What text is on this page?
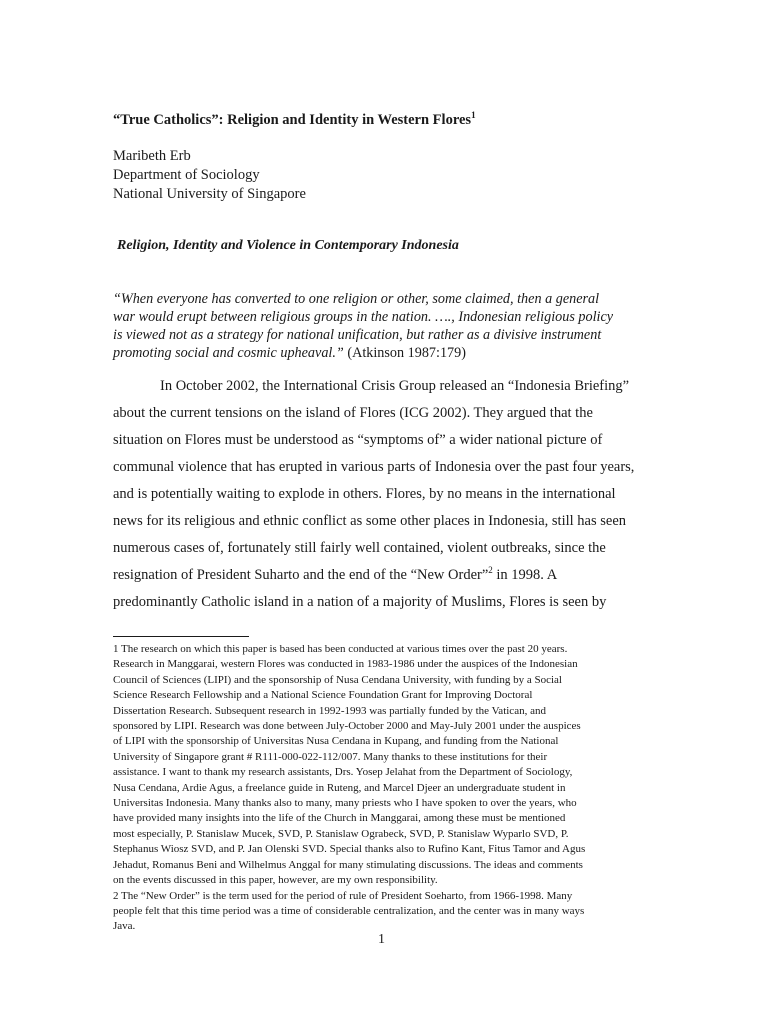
“True Catholics”: Religion and Identity in Western Flores$^1$
Maribeth Erb
Department of Sociology
National University of Singapore
Religion, Identity and Violence in Contemporary Indonesia
“When everyone has converted to one religion or other, some claimed, then a general
war would erupt between religious groups in the nation. …., Indonesian religious policy
is viewed not as a strategy for national unification, but rather as a divisive instrument
promoting social and cosmic upheaval.” (Atkinson 1987:179)
In October 2002, the International Crisis Group released an “Indonesia Briefing”
about the current tensions on the island of Flores (ICG 2002). They argued that the
situation on Flores must be understood as “symptoms of” a wider national picture of
communal violence that has erupted in various parts of Indonesia over the past four years,
and is potentially waiting to explode in others. Flores, by no means in the international
news for its religious and ethnic conflict as some other places in Indonesia, still has seen
numerous cases of, fortunately still fairly well contained, violent outbreaks, since the
resignation of President Suharto and the end of the “New Order”$^2$ in 1998. A
predominantly Catholic island in a nation of a majority of Muslims, Flores is seen by
1 The research on which this paper is based has been conducted at various times over the past 20 years.
Research in Manggarai, western Flores was conducted in 1983-1986 under the auspices of the Indonesian
Council of Sciences (LIPI) and the sponsorship of Nusa Cendana University, with funding by a Social
Science Research Fellowship and a National Science Foundation Grant for Improving Doctoral
Dissertation Research. Subsequent research in 1992-1993 was partially funded by the Vatican, and
sponsored by LIPI. Research was done between July-October 2000 and May-July 2001 under the auspices
of LIPI with the sponsorship of Universitas Nusa Cendana in Kupang, and funding from the National
University of Singapore grant # R111-000-022-112/007. Many thanks to these institutions for their
assistance. I want to thank my research assistants, Drs. Yosep Jelahat from the Department of Sociology,
Nusa Cendana, Ardie Agus, a freelance guide in Ruteng, and Marcel Djeer an undergraduate student in
Universitas Indonesia. Many thanks also to many, many priests who I have spoken to over the years, who
have provided many insights into the life of the Church in Manggarai, among these must be mentioned
most especially, P. Stanislaw Mucek, SVD, P. Stanislaw Ograbeck, SVD, P. Stanislaw Wyparlo SVD, P.
Stephanus Wiosz SVD, and P. Jan Olenski SVD. Special thanks also to Rufino Kant, Fitus Tamor and Agus
Jehadut, Romanus Beni and Wilhelmus Anggal for many stimulating discussions. The ideas and comments
on the events discussed in this paper, however, are my own responsibility.
2 The “New Order” is the term used for the period of rule of President Soeharto, from 1966-1998. Many
people felt that this time period was a time of considerable centralization, and the center was in many ways
Java.
1
